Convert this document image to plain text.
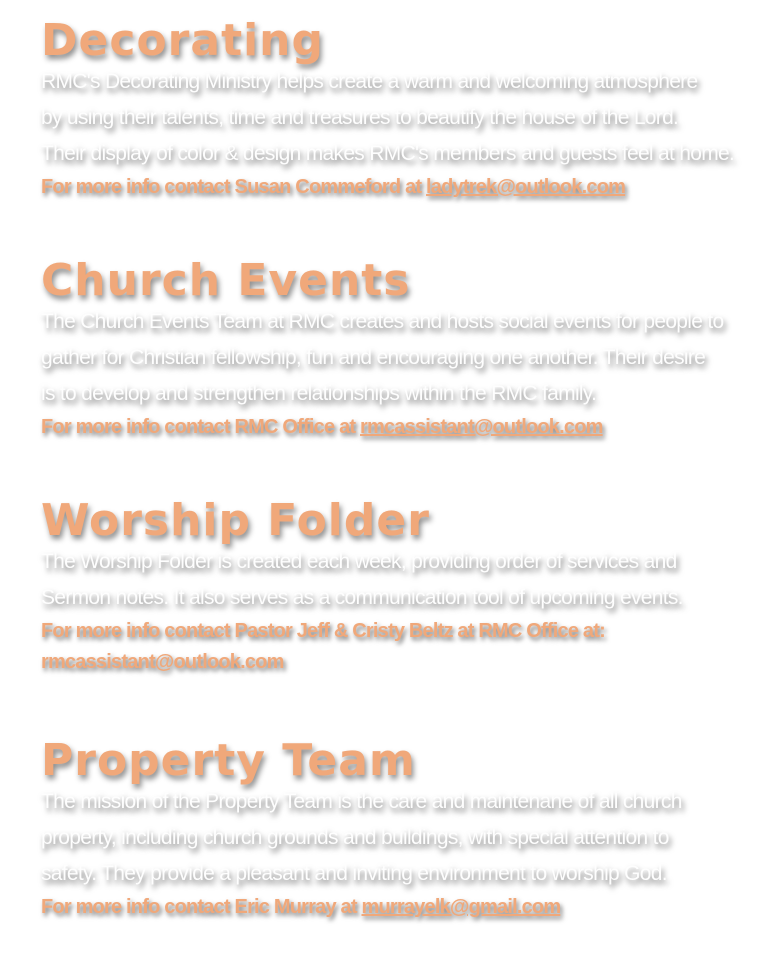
Decorating

RMC's Decorating Ministry helps create a warm and welcoming atmosphere

by using their talents, time and treasures to beautify the house of the Lord.

Their display of color & design makes RMC's members and guests feel at home.

For more info contact Susan Commeford at ladytrek@outlook.com

Church Events

The Church Events Team at RMC creates and hosts social events for people to

gather for Christian fellowship, fun and encouraging one another. Their desire

is to develop and strengthen relationships within the RMC family.

For more info contact RMC Office at rmcassistant@outlook.com

Worship Folder

The Worship Folder is created each week, providing order of services and

Sermon notes. It also serves as a communication tool of upcoming events.

For more info contact Pastor Jeff & Cristy Beltz at RMC Office at:

rmcassistant@outlook.com

Property Team

The mission of the Property Team is the care and maintenane of all church

property, including church grounds and buildings, with special attention to

safety. They provide a pleasant and inviting environment to worship God.

For more info contact Eric Murray at murrayelk@gmail.com
